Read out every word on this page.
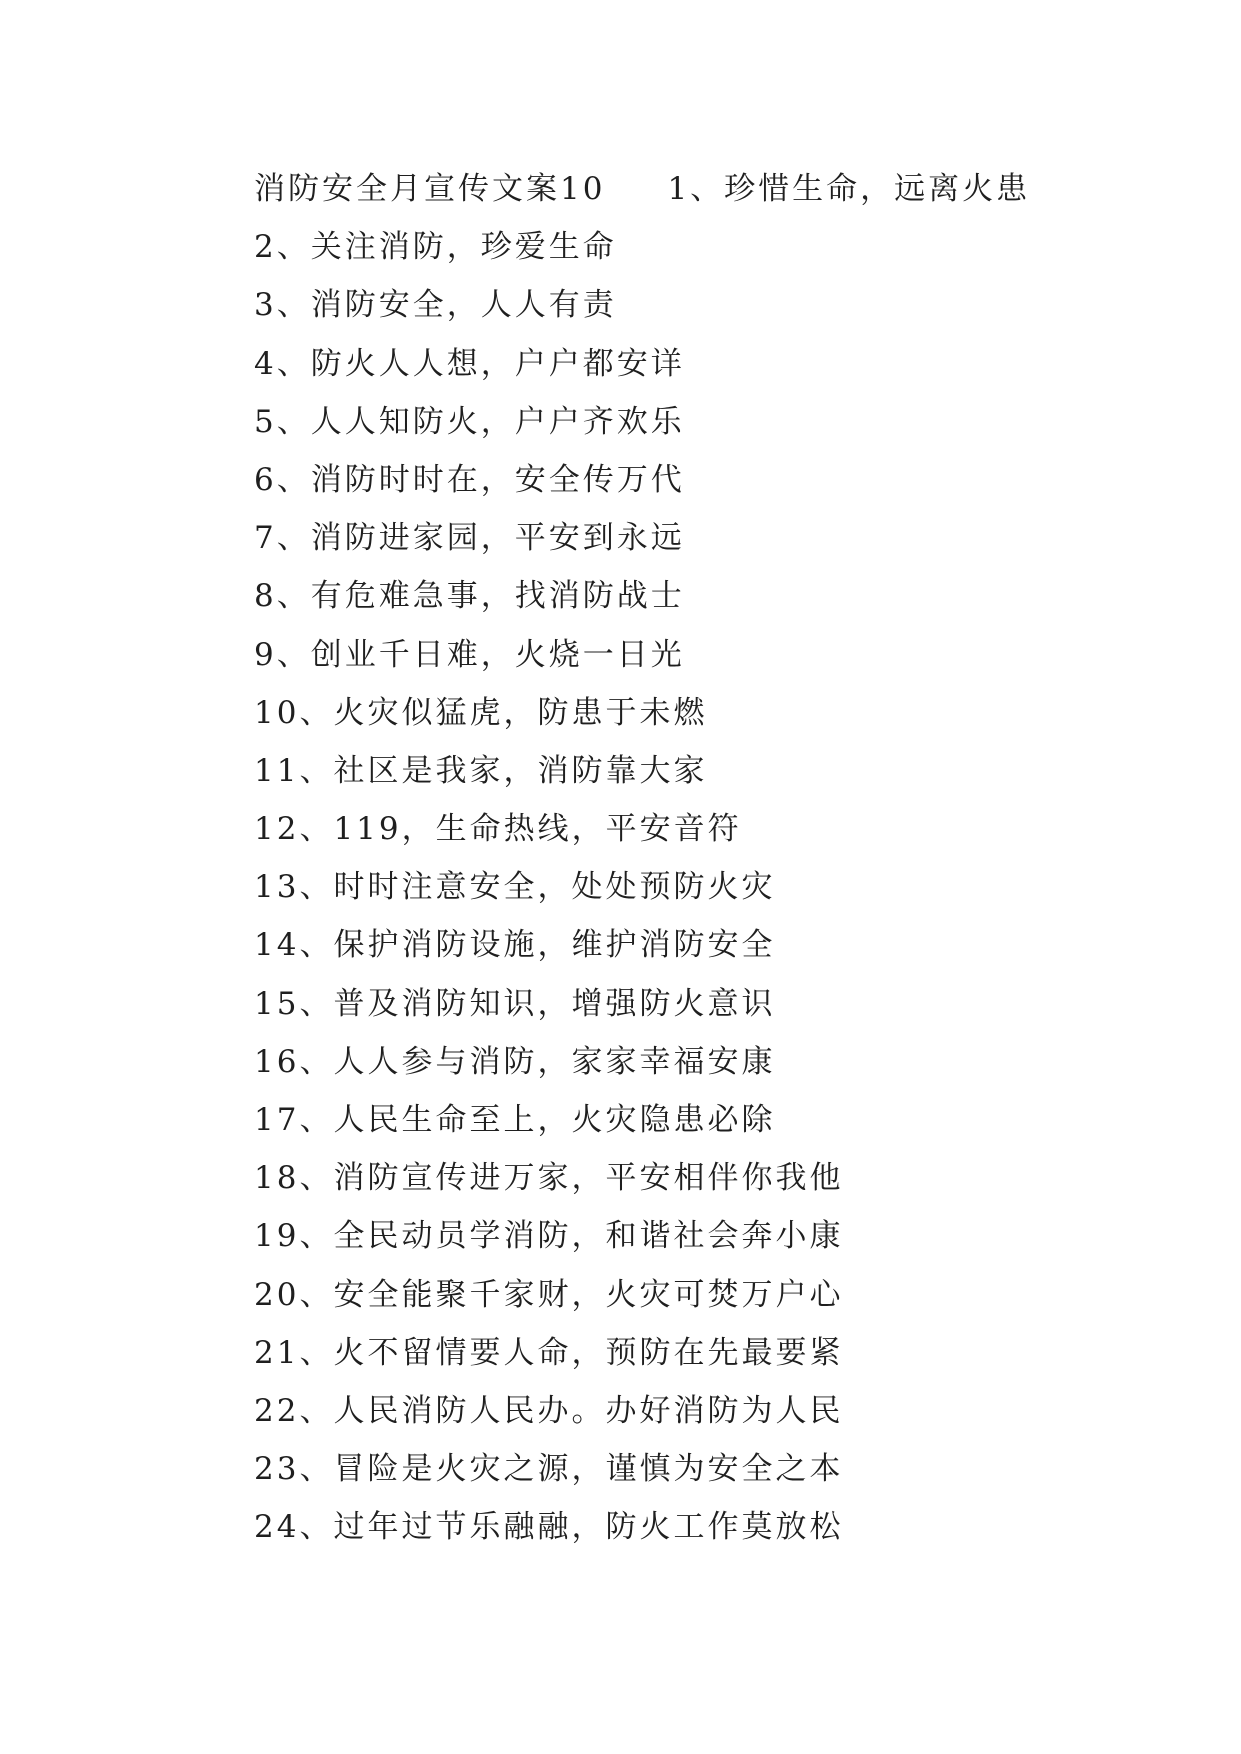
消防安全月宣传文案10 1、珍惜生命，远离火患
2、关注消防，珍爱生命
3、消防安全，人人有责
4、防火人人想，户户都安详
5、人人知防火，户户齐欢乐
6、消防时时在，安全传万代
7、消防进家园，平安到永远
8、有危难急事，找消防战士
9、创业千日难，火烧一日光
10、火灾似猛虎，防患于未燃
11、社区是我家，消防靠大家
12、119，生命热线，平安音符
13、时时注意安全，处处预防火灾
14、保护消防设施，维护消防安全
15、普及消防知识，增强防火意识
16、人人参与消防，家家幸福安康
17、人民生命至上，火灾隐患必除
18、消防宣传进万家，平安相伴你我他
19、全民动员学消防，和谐社会奔小康
20、安全能聚千家财，火灾可焚万户心
21、火不留情要人命，预防在先最要紧
22、人民消防人民办。办好消防为人民
23、冒险是火灾之源，谨慎为安全之本
24、过年过节乐融融，防火工作莫放松
